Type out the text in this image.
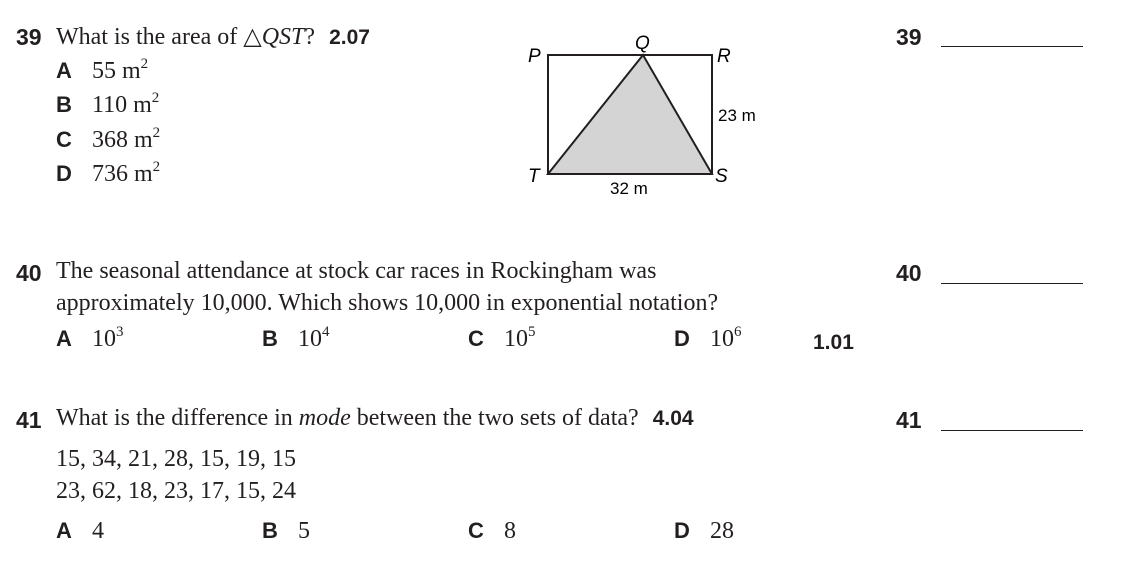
39 What is the area of △QST? 2.07
A 55 $m^2$
B 110 $m^2$
C 368 $m^2$
D 736 $m^2$
P
Q
R
S
T
23 m
32 m
39
40 The seasonal attendance at stock car races in Rockingham was
approximately 10,000. Which shows 10,000 in exponential notation?
A $10^3$	B $10^4$	C $10^5$	D $10^6$	1.01
40
41 What is the difference in mode between the two sets of data? 4.04
15, 34, 21, 28, 15, 19, 15
23, 62, 18, 23, 17, 15, 24
A 4	B 5	C 8	D 28
41
